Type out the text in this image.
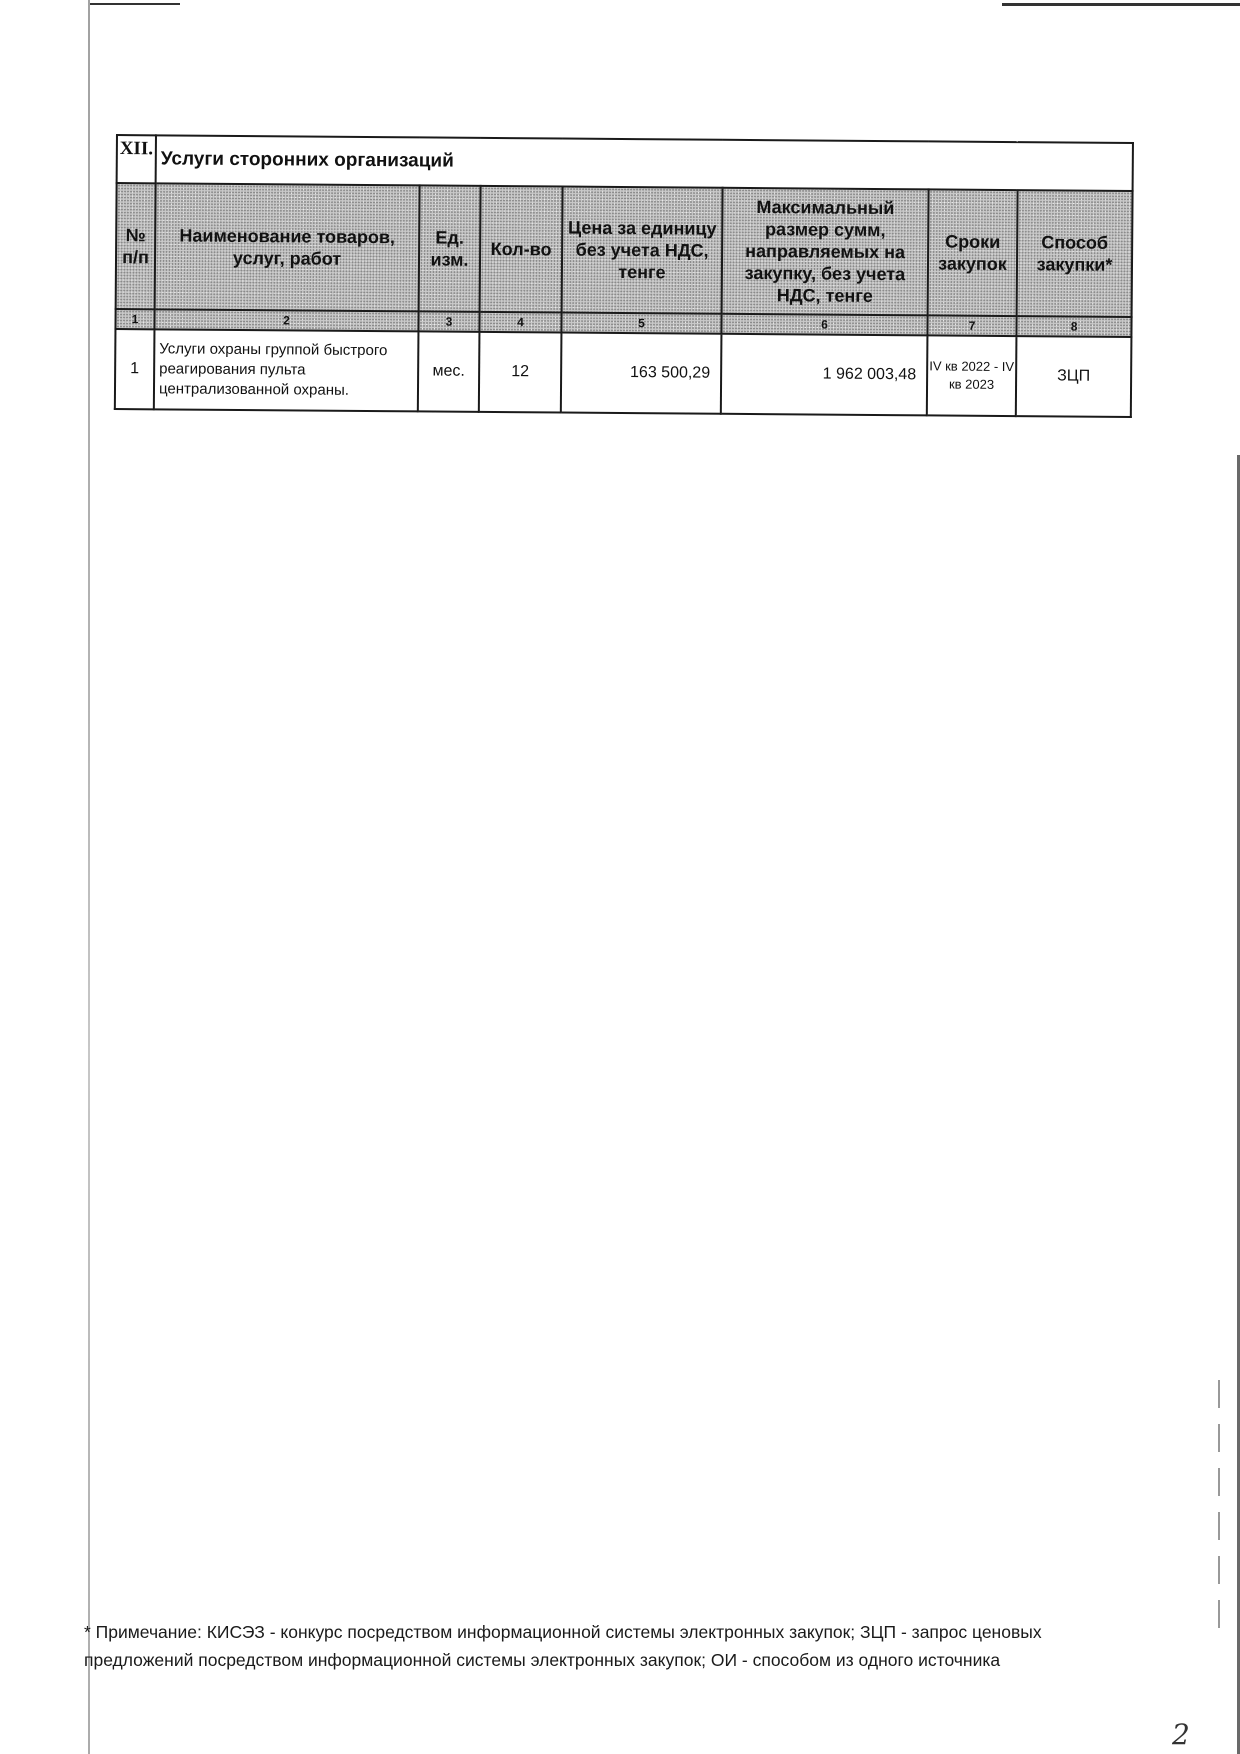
XII.	Услуги сторонних организаций						
№ п/п	Наименование товаров, услуг, работ	Ед. изм.	Кол-во	Цена за единицу без учета НДС, тенге	Максимальный размер сумм, направляемых на закупку, без учета НДС, тенге	Сроки закупок	Способ закупки*
1	2	3	4	5	6	7	8
1	Услуги охраны группой быстрого реагирования пульта централизованной охраны.	мес.	12	163 500,29	1 962 003,48	IV кв 2022 - IV кв 2023	ЗЦП
* Примечание: КИСЭЗ - конкурс посредством информационной системы электронных закупок; ЗЦП - запрос ценовых предложений посредством информационной системы электронных закупок; ОИ - способом из одного источника
2
